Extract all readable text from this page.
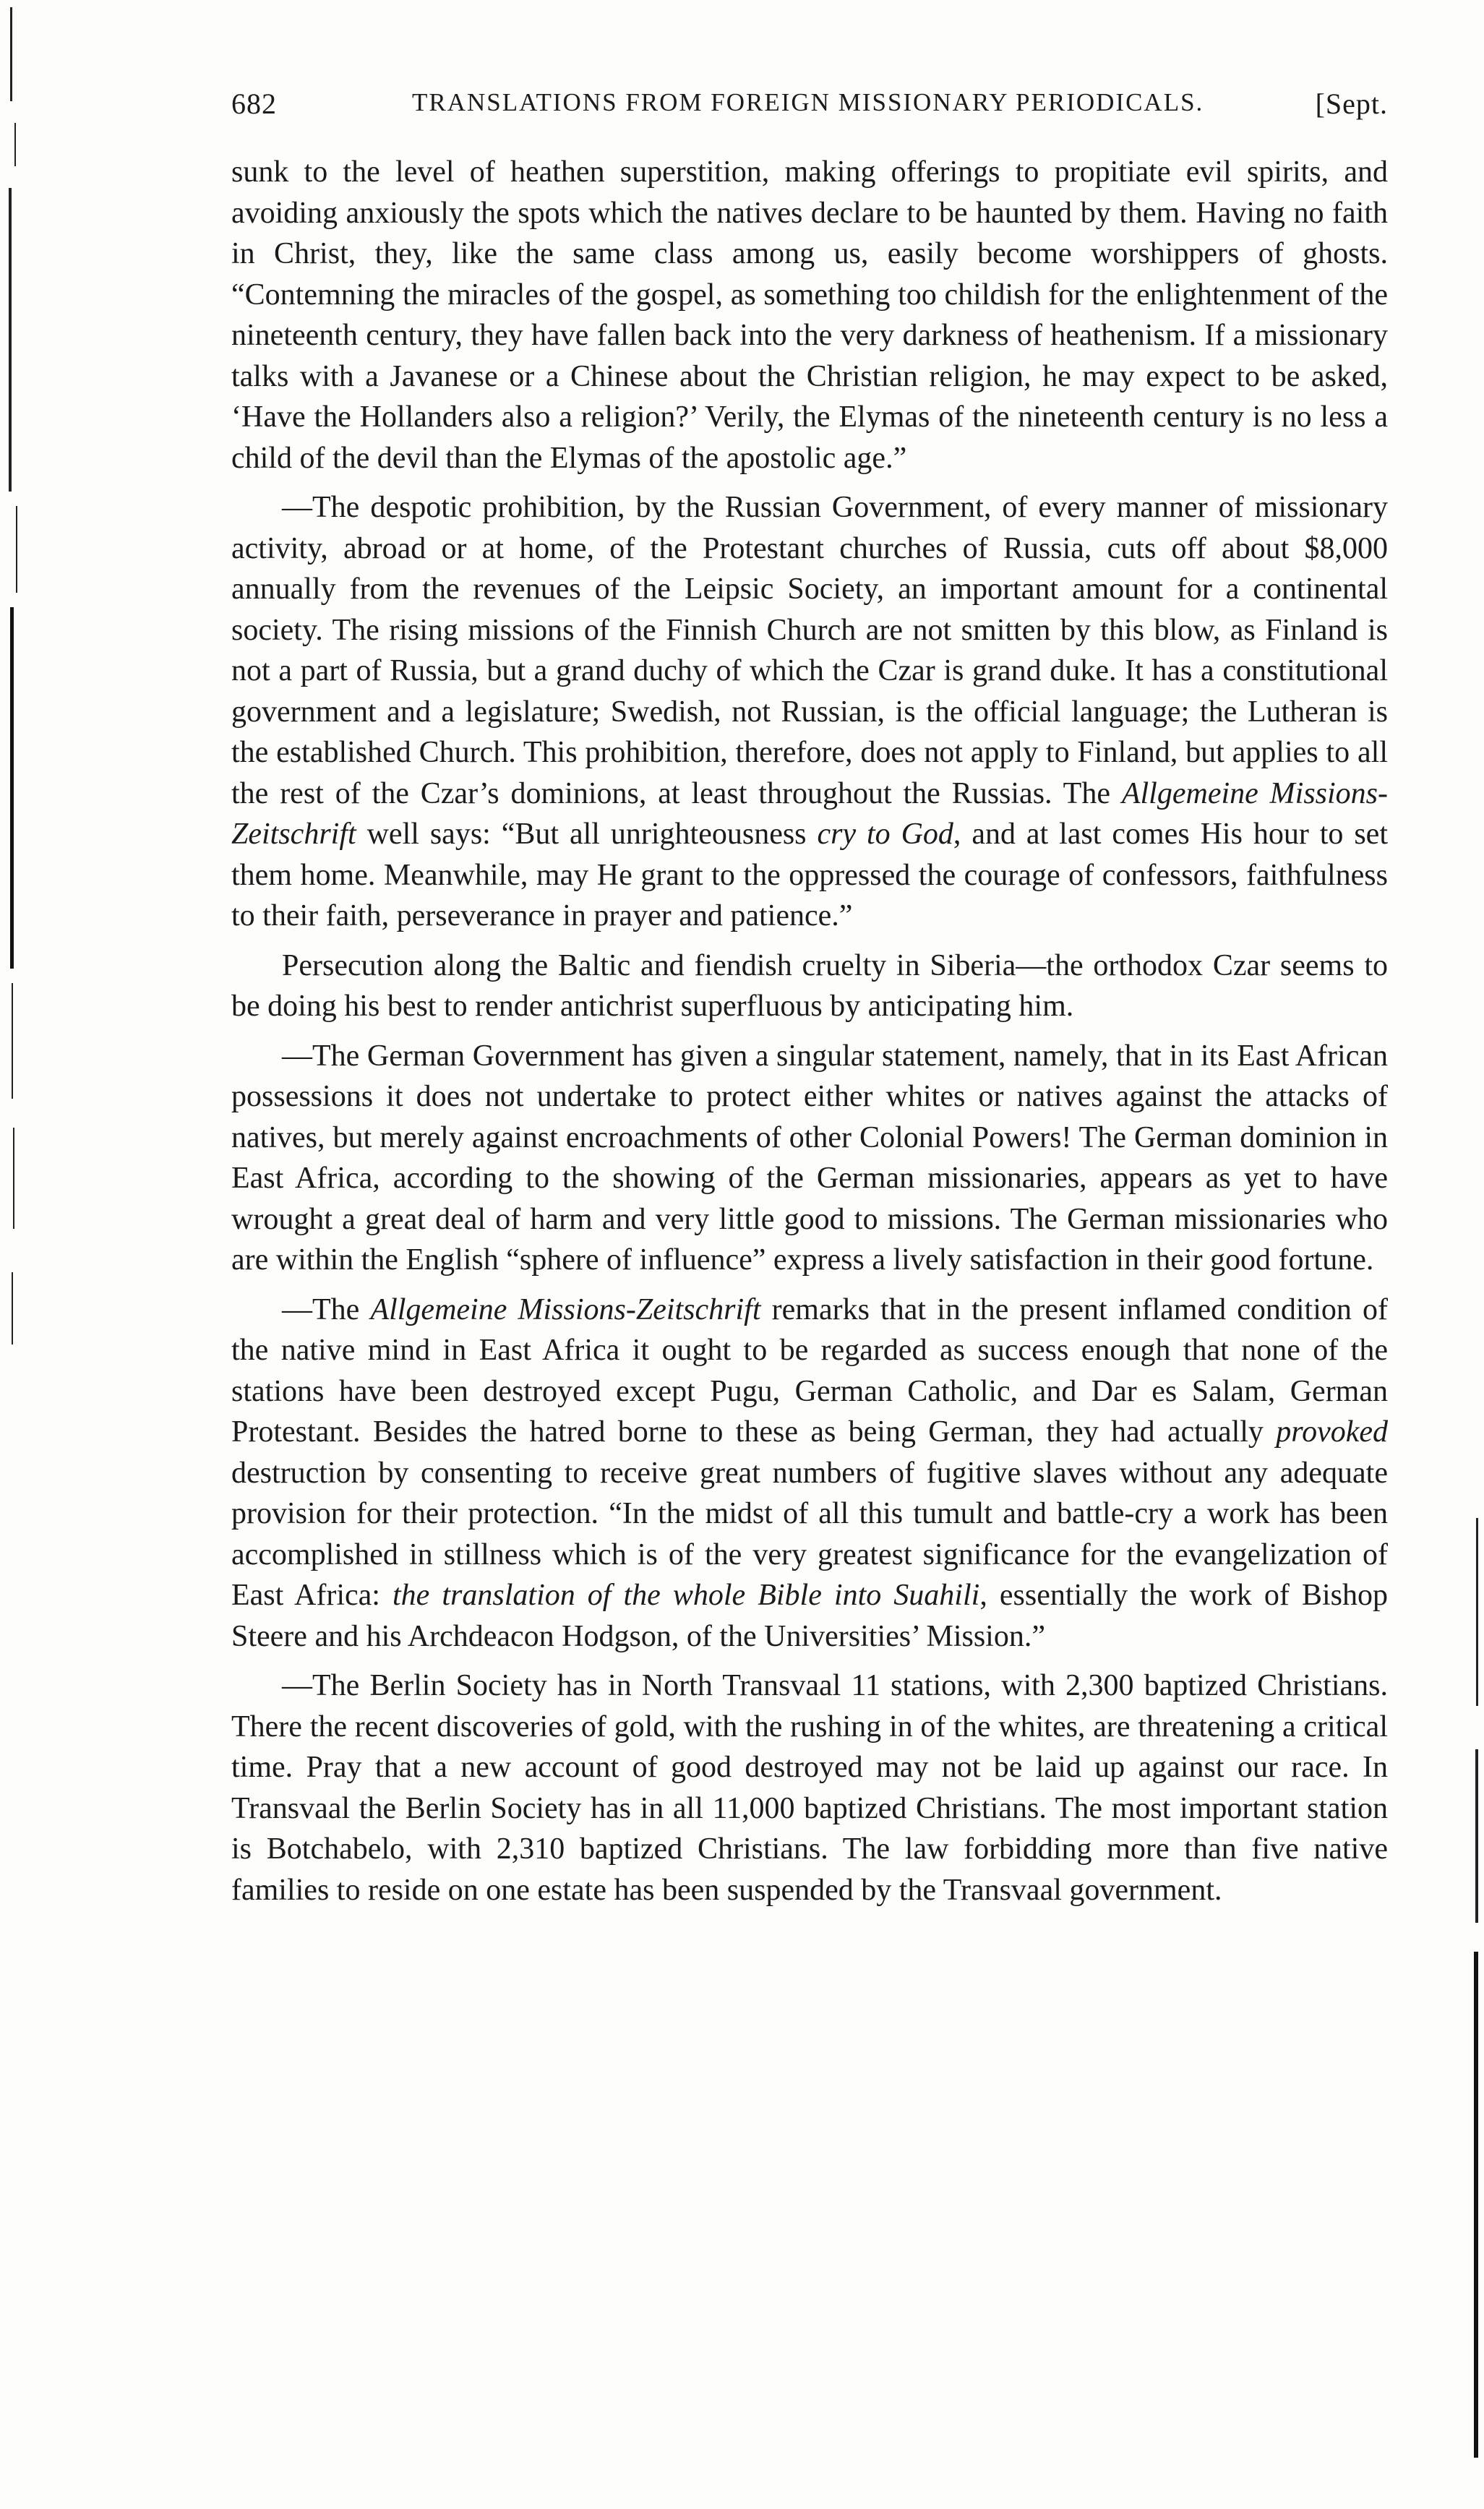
682	TRANSLATIONS FROM FOREIGN MISSIONARY PERIODICALS.	[Sept.

sunk to the level of heathen superstition, making offerings to propitiate evil spirits, and avoiding anxiously the spots which the natives declare to be haunted by them. Having no faith in Christ, they, like the same class among us, easily become worshippers of ghosts. “Contemning the miracles of the gospel, as something too childish for the enlightenment of the nineteenth century, they have fallen back into the very darkness of heathenism. If a missionary talks with a Javanese or a Chinese about the Christian religion, he may expect to be asked, ‘Have the Hollanders also a religion?’ Verily, the Elymas of the nineteenth century is no less a child of the devil than the Elymas of the apostolic age.”

—The despotic prohibition, by the Russian Government, of every manner of missionary activity, abroad or at home, of the Protestant churches of Russia, cuts off about $8,000 annually from the revenues of the Leipsic Society, an important amount for a continental society. The rising missions of the Finnish Church are not smitten by this blow, as Finland is not a part of Russia, but a grand duchy of which the Czar is grand duke. It has a constitutional government and a legislature; Swedish, not Russian, is the official language; the Lutheran is the established Church. This prohibition, therefore, does not apply to Finland, but applies to all the rest of the Czar’s dominions, at least throughout the Russias. The Allgemeine Missions-Zeitschrift well says: “But all unrighteousness cry to God, and at last comes His hour to set them home. Meanwhile, may He grant to the oppressed the courage of confessors, faithfulness to their faith, perseverance in prayer and patience.”

Persecution along the Baltic and fiendish cruelty in Siberia—the orthodox Czar seems to be doing his best to render antichrist superfluous by anticipating him.

—The German Government has given a singular statement, namely, that in its East African possessions it does not undertake to protect either whites or natives against the attacks of natives, but merely against encroachments of other Colonial Powers! The German dominion in East Africa, according to the showing of the German missionaries, appears as yet to have wrought a great deal of harm and very little good to missions. The German missionaries who are within the English “sphere of influence” express a lively satisfaction in their good fortune.

—The Allgemeine Missions-Zeitschrift remarks that in the present inflamed condition of the native mind in East Africa it ought to be regarded as success enough that none of the stations have been destroyed except Pugu, German Catholic, and Dar es Salam, German Protestant. Besides the hatred borne to these as being German, they had actually provoked destruction by consenting to receive great numbers of fugitive slaves without any adequate provision for their protection. “In the midst of all this tumult and battle-cry a work has been accomplished in stillness which is of the very greatest significance for the evangelization of East Africa: the translation of the whole Bible into Suahili, essentially the work of Bishop Steere and his Archdeacon Hodgson, of the Universities’ Mission.”

—The Berlin Society has in North Transvaal 11 stations, with 2,300 baptized Christians. There the recent discoveries of gold, with the rushing in of the whites, are threatening a critical time. Pray that a new account of good destroyed may not be laid up against our race. In Transvaal the Berlin Society has in all 11,000 baptized Christians. The most important station is Botchabelo, with 2,310 baptized Christians. The law forbidding more than five native families to reside on one estate has been suspended by the Transvaal government.
